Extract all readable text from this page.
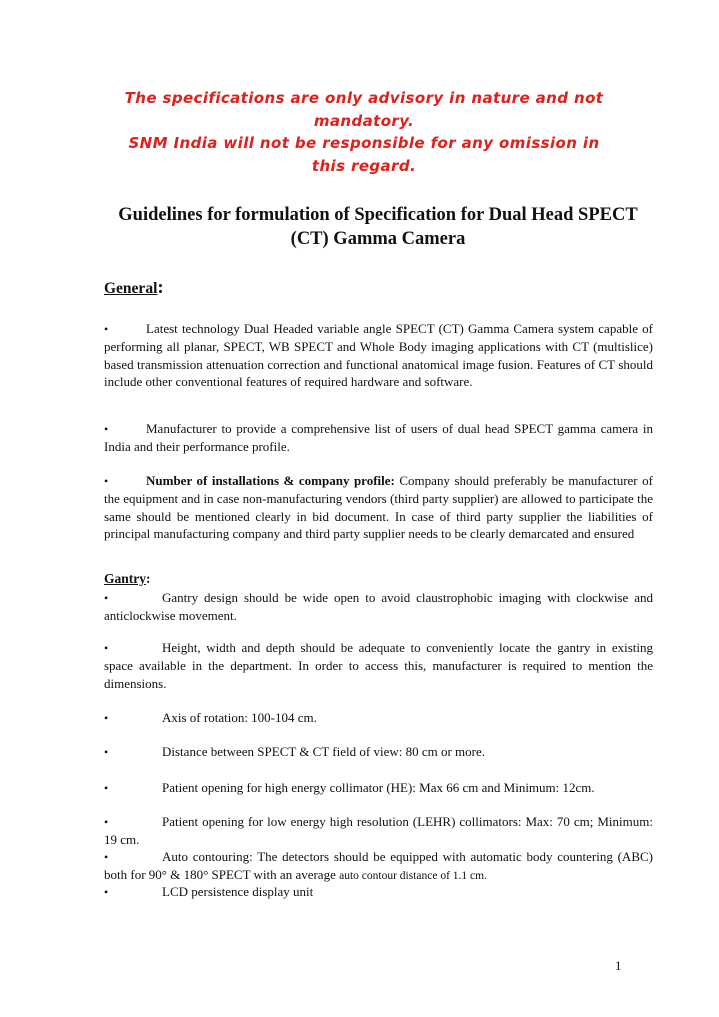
The specifications are only advisory in nature and not

mandatory.

SNM India will not be responsible for any omission in

this regard.

Guidelines for formulation of Specification for Dual Head SPECT (CT) Gamma Camera
General:

•	Latest technology Dual Headed variable angle SPECT (CT) Gamma Camera system capable of performing all planar, SPECT, WB SPECT and Whole Body imaging applications with CT (multislice) based transmission attenuation correction and functional anatomical image fusion. Features of CT should include other conventional features of required hardware and software.

•	Manufacturer to provide a comprehensive list of users of dual head SPECT gamma camera in India and their performance profile.

•	Number of installations & company profile: Company should preferably be manufacturer of the equipment and in case non-manufacturing vendors (third party supplier) are allowed to participate the same should be mentioned clearly in bid document. In case of third party supplier the liabilities of principal manufacturing company and third party supplier needs to be clearly demarcated and ensured

Gantry:

•	Gantry design should be wide open to avoid claustrophobic imaging with clockwise and anticlockwise movement.

•	Height, width and depth should be adequate to conveniently locate the gantry in existing space available in the department. In order to access this, manufacturer is required to mention the dimensions.

•	Axis of rotation: 100-104 cm.

•	Distance between SPECT & CT field of view: 80 cm or more.

•	Patient opening for high energy collimator (HE): Max 66 cm and Minimum: 12cm.

•	Patient opening for low energy high resolution (LEHR) collimators: Max: 70 cm; Minimum: 19 cm.

•	Auto contouring: The detectors should be equipped with automatic body countering (ABC) both for 90° & 180° SPECT with an average auto contour distance of 1.1 cm.

•	LCD persistence display unit

1
